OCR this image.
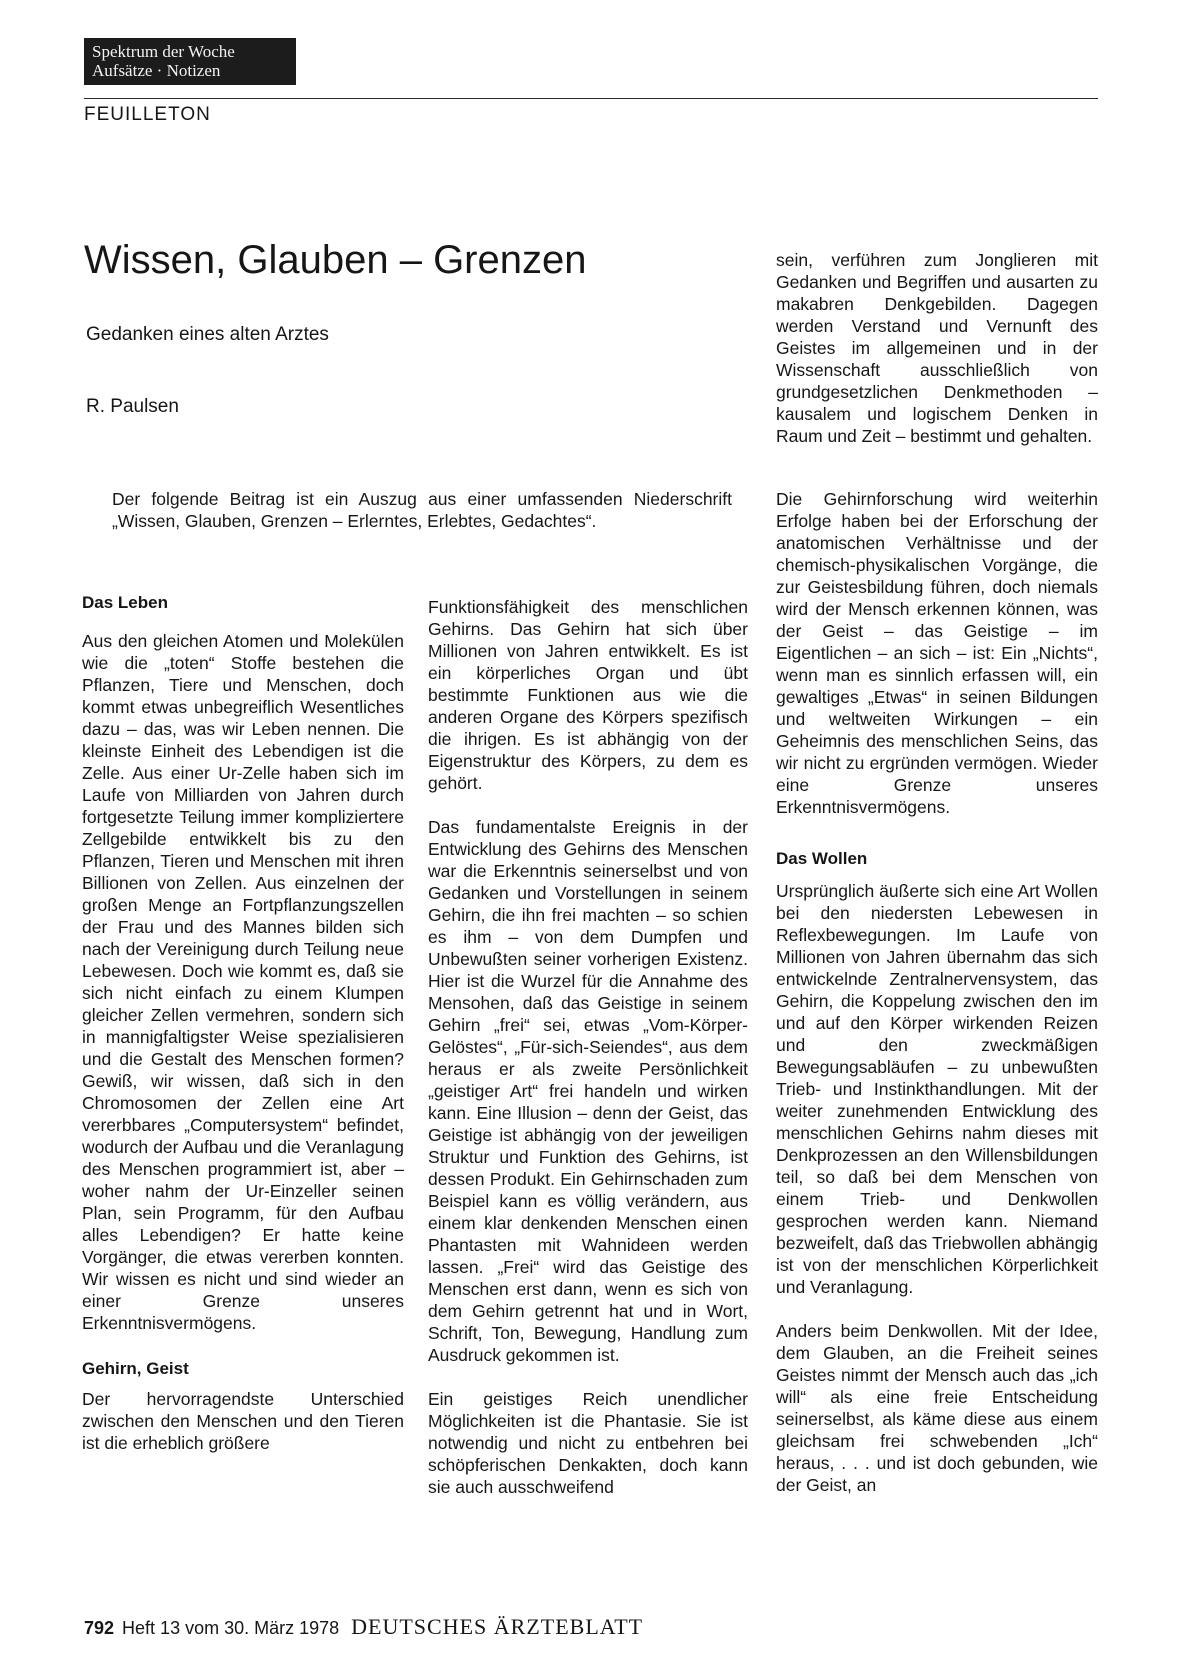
Spektrum der Woche
Aufsätze · Notizen
FEUILLETON
Wissen, Glauben – Grenzen
Gedanken eines alten Arztes
R. Paulsen

Der folgende Beitrag ist ein Auszug aus einer umfassenden Niederschrift „Wissen, Glauben, Grenzen – Erlerntes, Erlebtes, Gedachtes“.

Das Leben

Aus den gleichen Atomen und Molekülen wie die „toten“ Stoffe bestehen die Pflanzen, Tiere und Menschen, doch kommt etwas unbegreiflich Wesentliches dazu – das, was wir Leben nennen. Die kleinste Einheit des Lebendigen ist die Zelle. Aus einer Ur-Zelle haben sich im Laufe von Milliarden von Jahren durch fortgesetzte Teilung immer kompliziertere Zellgebilde entwikkelt bis zu den Pflanzen, Tieren und Menschen mit ihren Billionen von Zellen. Aus einzelnen der großen Menge an Fortpflanzungszellen der Frau und des Mannes bilden sich nach der Vereinigung durch Teilung neue Lebewesen. Doch wie kommt es, daß sie sich nicht einfach zu einem Klumpen gleicher Zellen vermehren, sondern sich in mannigfaltigster Weise spezialisieren und die Gestalt des Menschen formen? Gewiß, wir wissen, daß sich in den Chromosomen der Zellen eine Art vererbbares „Computersystem“ befindet, wodurch der Aufbau und die Veranlagung des Menschen programmiert ist, aber – woher nahm der Ur-Einzeller seinen Plan, sein Programm, für den Aufbau alles Lebendigen? Er hatte keine Vorgänger, die etwas vererben konnten. Wir wissen es nicht und sind wieder an einer Grenze unseres Erkenntnisvermögens.

Gehirn, Geist

Der hervorragendste Unterschied zwischen den Menschen und den Tieren ist die erheblich größere

Funktionsfähigkeit des menschlichen Gehirns. Das Gehirn hat sich über Millionen von Jahren entwikkelt. Es ist ein körperliches Organ und übt bestimmte Funktionen aus wie die anderen Organe des Körpers spezifisch die ihrigen. Es ist abhängig von der Eigenstruktur des Körpers, zu dem es gehört.

Das fundamentalste Ereignis in der Entwicklung des Gehirns des Menschen war die Erkenntnis seinerselbst und von Gedanken und Vorstellungen in seinem Gehirn, die ihn frei machten – so schien es ihm – von dem Dumpfen und Unbewußten seiner vorherigen Existenz. Hier ist die Wurzel für die Annahme des Mensohen, daß das Geistige in seinem Gehirn „frei“ sei, etwas „Vom-Körper-Gelöstes“, „Für-sich-Seiendes“, aus dem heraus er als zweite Persönlichkeit „geistiger Art“ frei handeln und wirken kann. Eine Illusion – denn der Geist, das Geistige ist abhängig von der jeweiligen Struktur und Funktion des Gehirns, ist dessen Produkt. Ein Gehirnschaden zum Beispiel kann es völlig verändern, aus einem klar denkenden Menschen einen Phantasten mit Wahnideen werden lassen. „Frei“ wird das Geistige des Menschen erst dann, wenn es sich von dem Gehirn getrennt hat und in Wort, Schrift, Ton, Bewegung, Handlung zum Ausdruck gekommen ist.

Ein geistiges Reich unendlicher Möglichkeiten ist die Phantasie. Sie ist notwendig und nicht zu entbehren bei schöpferischen Denkakten, doch kann sie auch ausschweifend

sein, verführen zum Jonglieren mit Gedanken und Begriffen und ausarten zu makabren Denkgebilden. Dagegen werden Verstand und Vernunft des Geistes im allgemeinen und in der Wissenschaft ausschließlich von grundgesetzlichen Denkmethoden – kausalem und logischem Denken in Raum und Zeit – bestimmt und gehalten.

Die Gehirnforschung wird weiterhin Erfolge haben bei der Erforschung der anatomischen Verhältnisse und der chemisch-physikalischen Vorgänge, die zur Geistesbildung führen, doch niemals wird der Mensch erkennen können, was der Geist – das Geistige – im Eigentlichen – an sich – ist: Ein „Nichts“, wenn man es sinnlich erfassen will, ein gewaltiges „Etwas“ in seinen Bildungen und weltweiten Wirkungen – ein Geheimnis des menschlichen Seins, das wir nicht zu ergründen vermögen. Wieder eine Grenze unseres Erkenntnisvermögens.

Das Wollen

Ursprünglich äußerte sich eine Art Wollen bei den niedersten Lebewesen in Reflexbewegungen. Im Laufe von Millionen von Jahren übernahm das sich entwickelnde Zentralnervensystem, das Gehirn, die Koppelung zwischen den im und auf den Körper wirkenden Reizen und den zweckmäßigen Bewegungsabläufen – zu unbewußten Trieb- und Instinkthandlungen. Mit der weiter zunehmenden Entwicklung des menschlichen Gehirns nahm dieses mit Denkprozessen an den Willensbildungen teil, so daß bei dem Menschen von einem Trieb- und Denkwollen gesprochen werden kann. Niemand bezweifelt, daß das Triebwollen abhängig ist von der menschlichen Körperlichkeit und Veranlagung.

Anders beim Denkwollen. Mit der Idee, dem Glauben, an die Freiheit seines Geistes nimmt der Mensch auch das „ich will“ als eine freie Entscheidung seinerselbst, als käme diese aus einem gleichsam frei schwebenden „Ich“ heraus, . . . und ist doch gebunden, wie der Geist, an

792 Heft 13 vom 30. März 1978 DEUTSCHES ÄRZTEBLATT
